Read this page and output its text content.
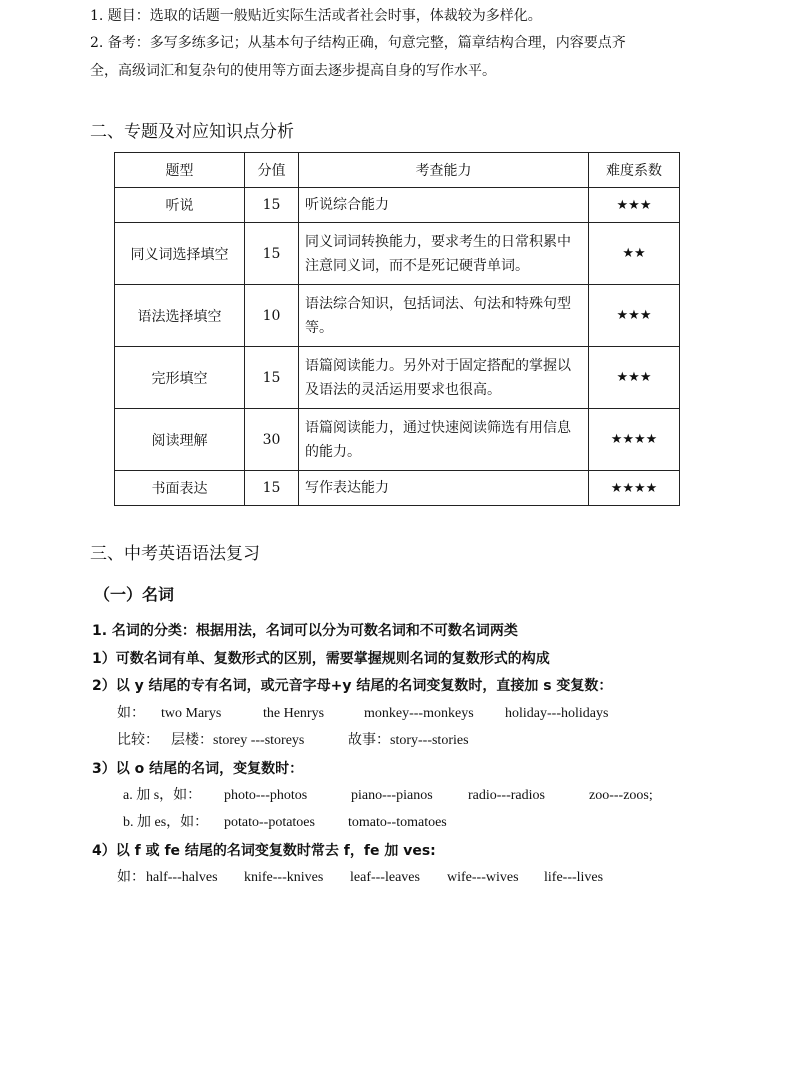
1. 题目：选取的话题一般贴近实际生活或者社会时事，体裁较为多样化。
2. 备考：多写多练多记；从基本句子结构正确，句意完整，篇章结构合理，内容要点齐
全，高级词汇和复杂句的使用等方面去逐步提高自身的写作水平。
二、专题及对应知识点分析
题型	分值	考查能力	难度系数
听说	15	听说综合能力	★★★
同义词选择填空	15	同义词词转换能力，要求考生的日常积累中注意同义词，而不是死记硬背单词。	★★
语法选择填空	10	语法综合知识，包括词法、句法和特殊句型等。	★★★
完形填空	15	语篇阅读能力。另外对于固定搭配的掌握以及语法的灵活运用要求也很高。	★★★
阅读理解	30	语篇阅读能力，通过快速阅读筛选有用信息的能力。	★★★★
书面表达	15	写作表达能力	★★★★
三、中考英语语法复习
（一）名词
1. 名词的分类：根据用法，名词可以分为可数名词和不可数名词两类
1）可数名词有单、复数形式的区别，需要掌握规则名词的复数形式的构成
2）以 y 结尾的专有名词，或元音字母+y 结尾的名词变复数时，直接加 s 变复数：
如： two Marys	the Henrys	monkey---monkeys holiday---holidays
比较： 层楼：storey ---storeys	故事：story---stories
3）以 o 结尾的名词，变复数时：
a. 加 s，如： photo---photos	piano---pianos	radio---radios	zoo---zoos;
b. 加 es，如： potato--potatoes tomato--tomatoes
4）以 f 或 fe 结尾的名词变复数时常去 f，fe 加 ves:
如： half---halves knife---knives leaf---leaves wife---wives life---lives
